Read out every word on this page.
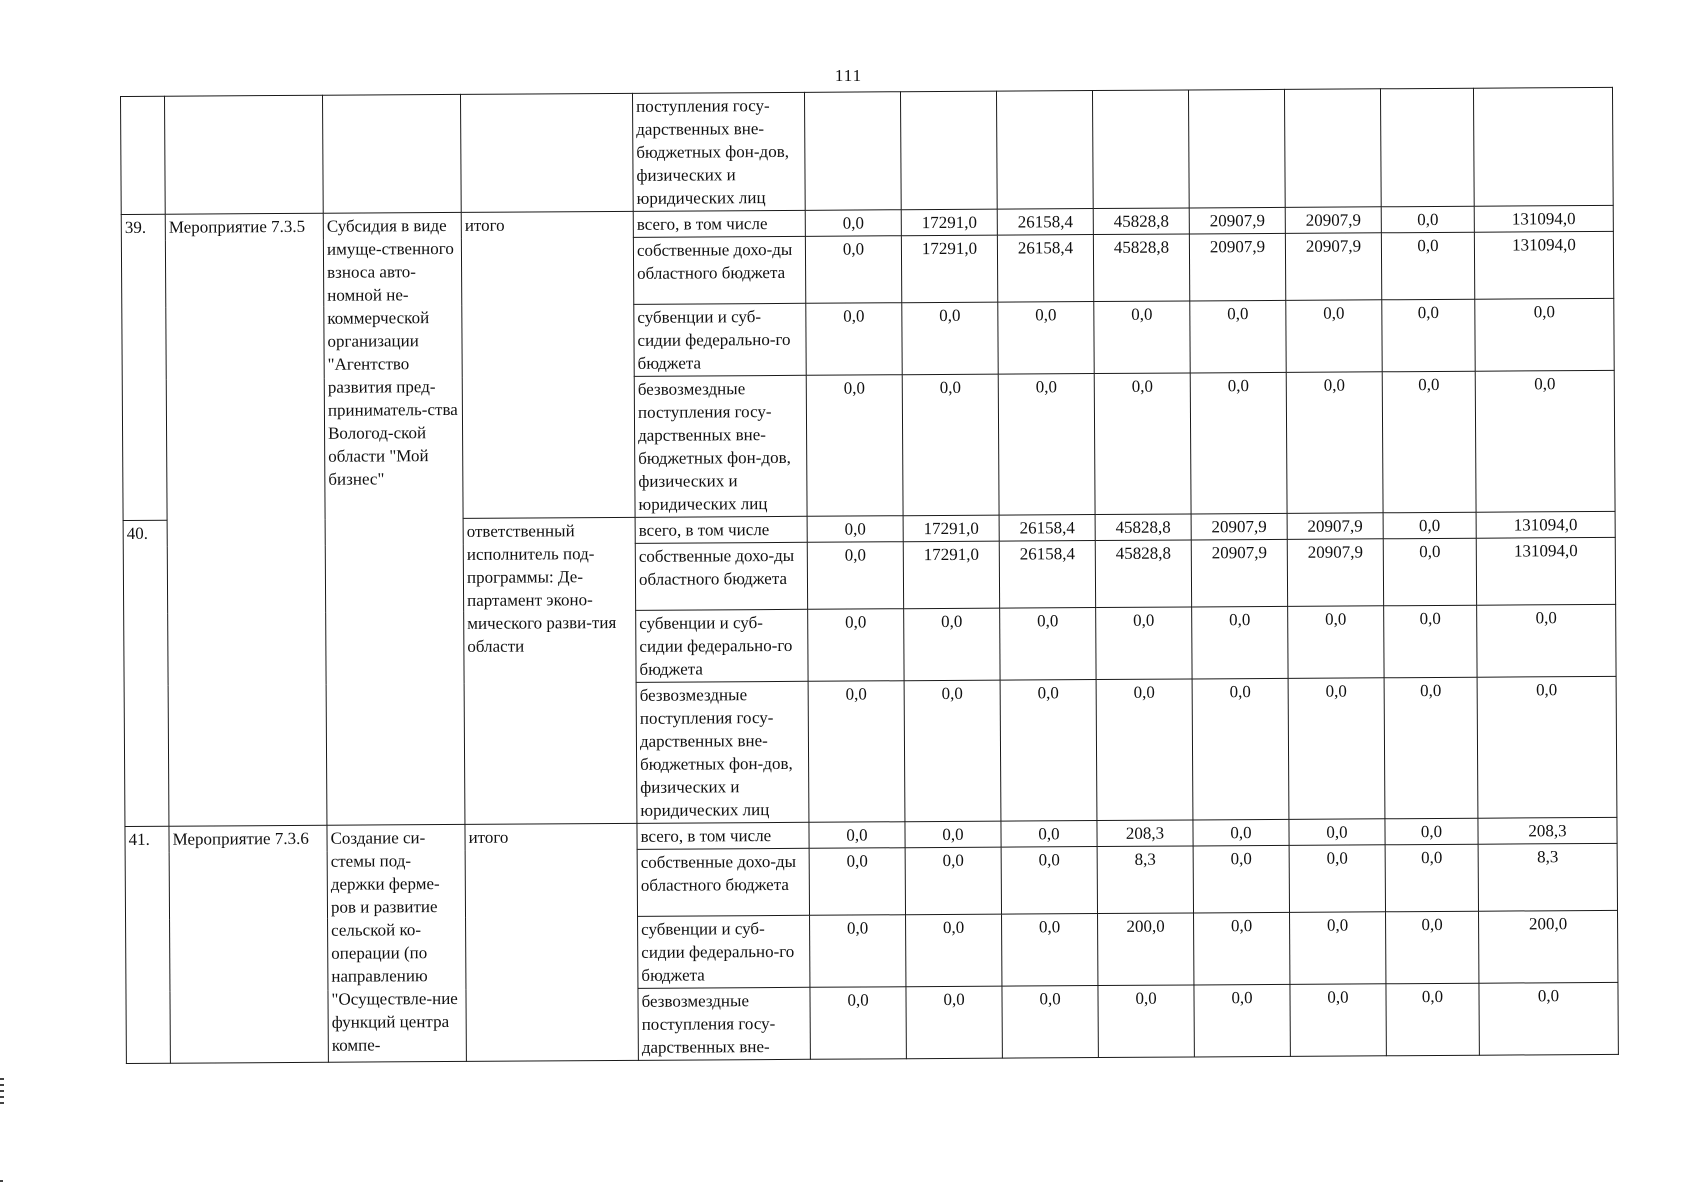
111
				поступления госу-дарственных вне-бюджетных фон-дов, физических и юридических лиц								
39.	Мероприятие 7.3.5	Субсидия в виде имуще-ственного взноса авто-номной не-коммерческой организации "Агентство развития пред-приниматель-ства Вологод-ской области "Мой бизнес"	итого	всего, в том числе	0,0	17291,0	26158,4	45828,8	20907,9	20907,9	0,0	131094,0
				собственные дохо-ды областного бюджета	0,0	17291,0	26158,4	45828,8	20907,9	20907,9	0,0	131094,0
				субвенции и суб-сидии федерально-го бюджета	0,0	0,0	0,0	0,0	0,0	0,0	0,0	0,0
				безвозмездные поступления госу-дарственных вне-бюджетных фон-дов, физических и юридических лиц	0,0	0,0	0,0	0,0	0,0	0,0	0,0	0,0
40.			ответственный исполнитель под-программы: Де-партамент эконо-мического разви-тия области	всего, в том числе	0,0	17291,0	26158,4	45828,8	20907,9	20907,9	0,0	131094,0
				собственные дохо-ды областного бюджета	0,0	17291,0	26158,4	45828,8	20907,9	20907,9	0,0	131094,0
				субвенции и суб-сидии федерально-го бюджета	0,0	0,0	0,0	0,0	0,0	0,0	0,0	0,0
				безвозмездные поступления госу-дарственных вне-бюджетных фон-дов, физических и юридических лиц	0,0	0,0	0,0	0,0	0,0	0,0	0,0	0,0
41.	Мероприятие 7.3.6	Создание си-стемы под-держки ферме-ров и развитие сельской ко-операции (по направлению "Осуществле-ние функций центра компе-	итого	всего, в том числе	0,0	0,0	0,0	208,3	0,0	0,0	0,0	208,3
				собственные дохо-ды областного бюджета	0,0	0,0	0,0	8,3	0,0	0,0	0,0	8,3
				субвенции и суб-сидии федерально-го бюджета	0,0	0,0	0,0	200,0	0,0	0,0	0,0	200,0
				безвозмездные поступления госу-дарственных вне-	0,0	0,0	0,0	0,0	0,0	0,0	0,0	0,0
